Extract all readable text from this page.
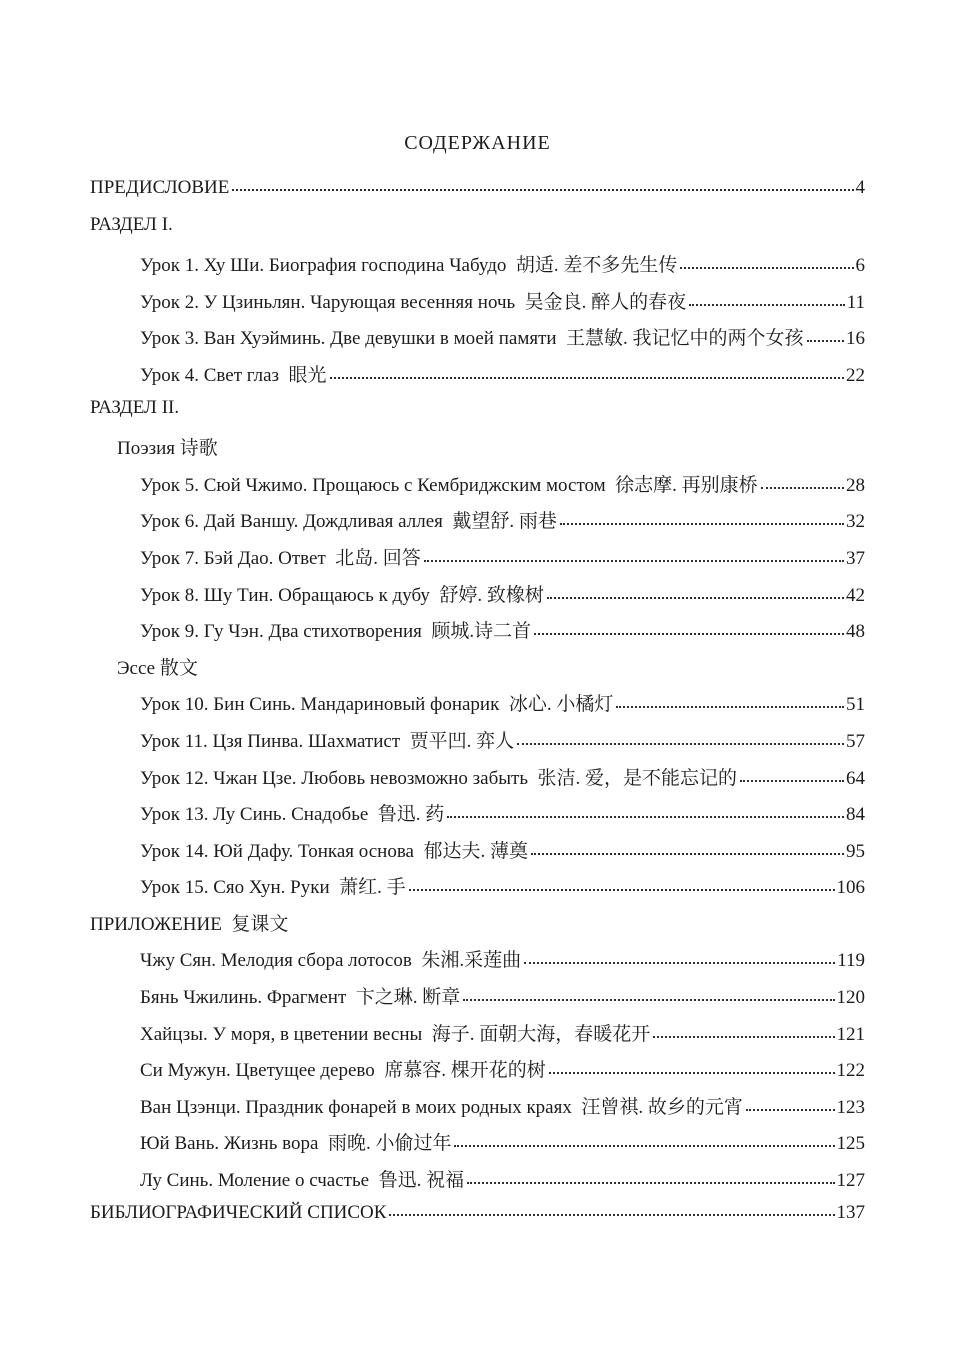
СОДЕРЖАНИЕ
ПРЕДИСЛОВИЕ	4
РАЗДЕЛ I.
Урок 1. Ху Ши. Биография господина Чабудо  胡适. 差不多先生传	6
Урок 2. У Цзиньлян. Чарующая весенняя ночь  吴金良. 醉人的春夜	11
Урок 3. Ван Хуэйминь. Две девушки в моей памяти  王慧敏. 我记忆中的两个女孩 16
Урок 4. Свет глаз  眼光	22
РАЗДЕЛ II.
Поэзия 诗歌
Урок 5. Сюй Чжимо. Прощаюсь с Кембриджским мостом  徐志摩. 再别康桥	28
Урок 6. Дай Ваншу. Дождливая аллея  戴望舒. 雨巷	32
Урок 7. Бэй Дао. Ответ  北岛. 回答	37
Урок 8. Шу Тин. Обращаюсь к дубу  舒婷. 致橡树	42
Урок 9. Гу Чэн. Два стихотворения  顾城.诗二首	48
Эссе 散文
Урок 10. Бин Синь. Мандариновый фонарик  冰心. 小橘灯	51
Урок 11. Цзя Пинва. Шахматист  贾平凹. 弈人	57
Урок 12. Чжан Цзе. Любовь невозможно забыть  张洁. 爱，是不能忘记的	64
Урок 13. Лу Синь. Снадобье  鲁迅. 药	84
Урок 14. Юй Дафу. Тонкая основа  郁达夫. 薄奠	95
Урок 15. Сяо Хун. Руки  萧红. 手	106
ПРИЛОЖЕНИЕ  复课文
Чжу Сян. Мелодия сбора лотосов  朱湘.采莲曲	119
Бянь Чжилинь. Фрагмент  卞之琳. 断章	120
Хайцзы. У моря, в цветении весны  海子. 面朝大海，春暖花开	121
Си Мужун. Цветущее дерево  席慕容. 棵开花的树	122
Ван Цзэнци. Праздник фонарей в моих родных краях  汪曾祺. 故乡的元宵	123
Юй Вань. Жизнь вора  雨晚. 小偷过年	125
Лу Синь. Моление о счастье  鲁迅. 祝福	127
БИБЛИОГРАФИЧЕСКИЙ СПИСОК	137
